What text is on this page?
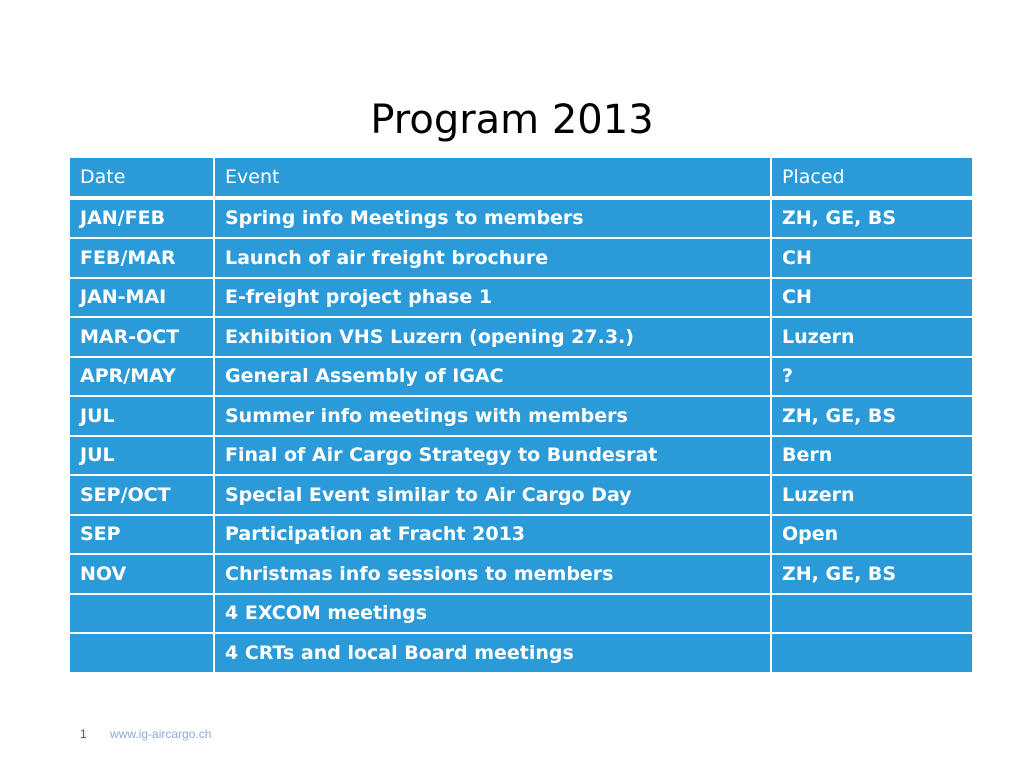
Program 2013
Date	Event	Placed
JAN/FEB	Spring info Meetings to members	ZH, GE, BS
FEB/MAR	Launch of air freight brochure	CH
JAN-MAI	E-freight project phase 1	CH
MAR-OCT	Exhibition VHS Luzern (opening 27.3.)	Luzern
APR/MAY	General Assembly of IGAC	?
JUL	Summer info meetings with members	ZH, GE, BS
JUL	Final of Air Cargo Strategy to Bundesrat	Bern
SEP/OCT	Special Event similar to Air Cargo Day	Luzern
SEP	Participation at Fracht 2013	Open
NOV	Christmas info sessions to members	ZH, GE, BS
	4 EXCOM meetings	
	4 CRTs and local Board meetings	
1 www.ig-aircargo.ch
